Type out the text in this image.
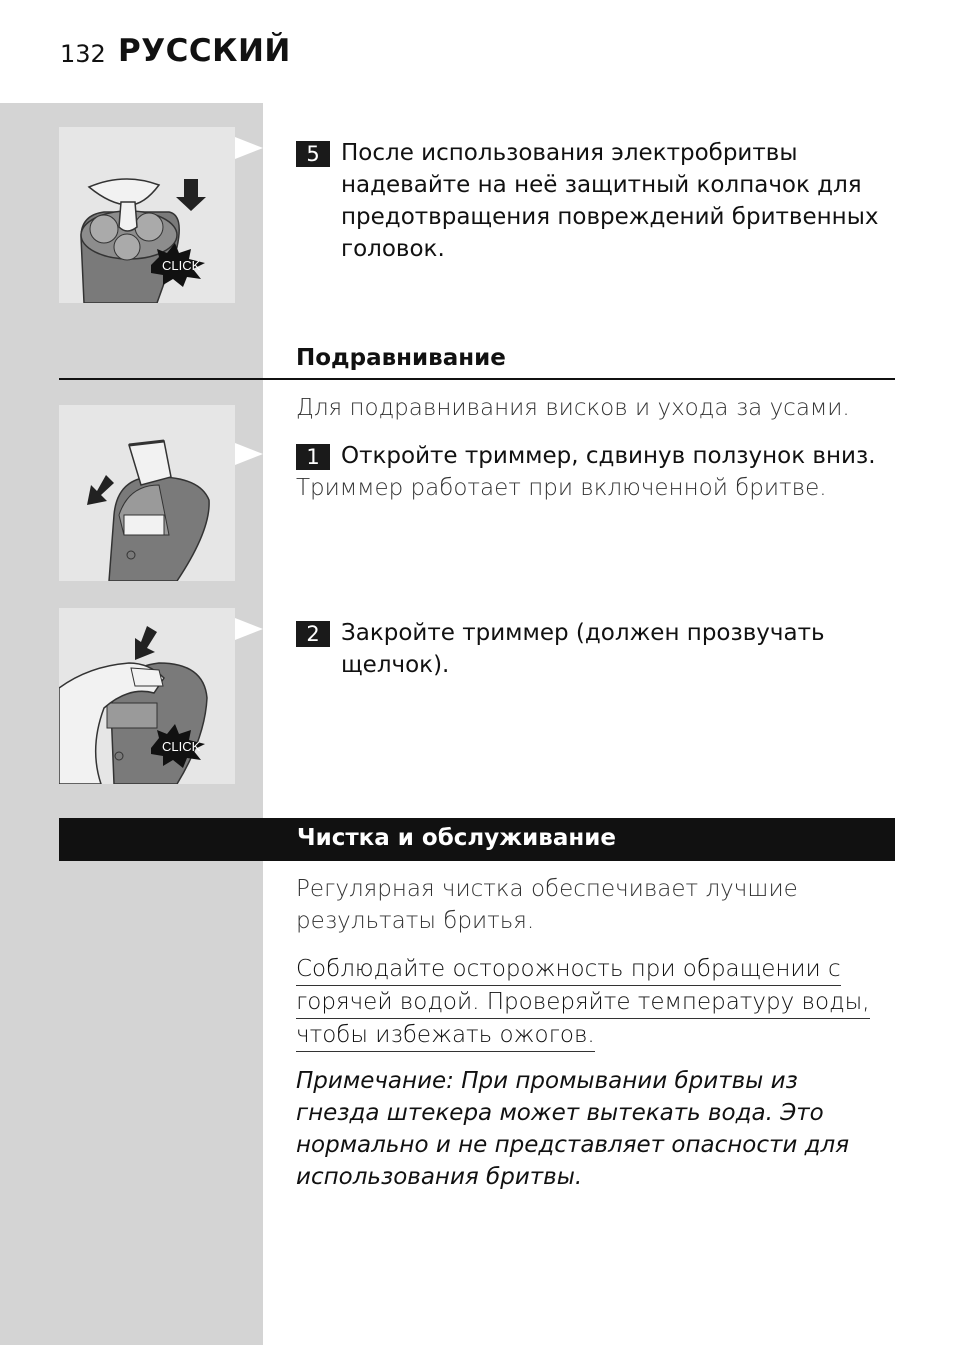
132 РУССКИЙ
CLICK
5 После использования электробритвы надевайте на неё защитный колпачок для предотвращения повреждений бритвенных головок.
Подравнивание
Для подравнивания висков и ухода за усами.
1 Откройте триммер, сдвинув ползунок вниз.
Триммер работает при включенной бритве.
CLICK
2 Закройте триммер (должен прозвучать щелчок).
Чистка и обслуживание
Регулярная чистка обеспечивает лучшие
результаты бритья.
Соблюдайте осторожность при обращении с
горячей водой. Проверяйте температуру воды,
чтобы избежать ожогов.
Примечание: При промывании бритвы из гнезда штекера может вытекать вода. Это нормально и не представляет опасности для использования бритвы.
